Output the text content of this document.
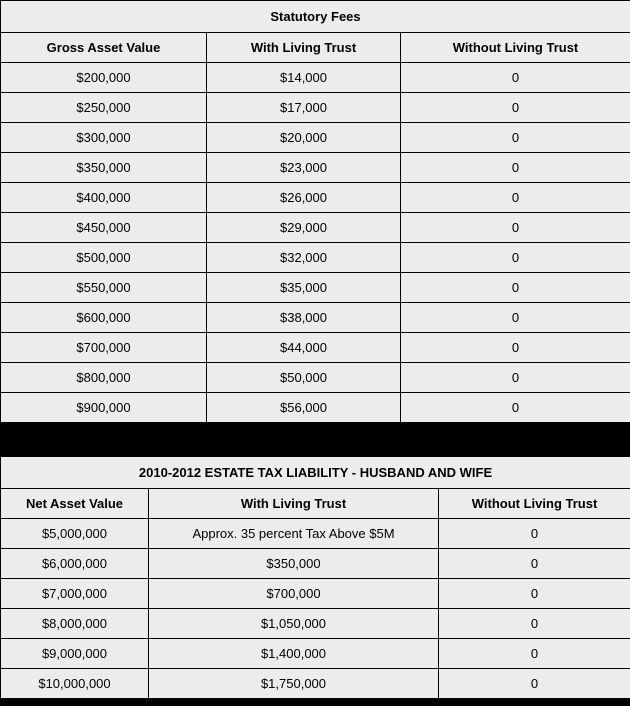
Statutory Fees		
Gross Asset Value	With Living Trust	Without Living Trust
$200,000	$14,000	0
$250,000	$17,000	0
$300,000	$20,000	0
$350,000	$23,000	0
$400,000	$26,000	0
$450,000	$29,000	0
$500,000	$32,000	0
$550,000	$35,000	0
$600,000	$38,000	0
$700,000	$44,000	0
$800,000	$50,000	0
$900,000	$56,000	0
2010-2012 ESTATE TAX LIABILITY - HUSBAND AND WIFE		
Net Asset Value	With Living Trust	Without Living Trust
$5,000,000	Approx. 35 percent Tax Above $5M	0
$6,000,000	$350,000	0
$7,000,000	$700,000	0
$8,000,000	$1,050,000	0
$9,000,000	$1,400,000	0
$10,000,000	$1,750,000	0
